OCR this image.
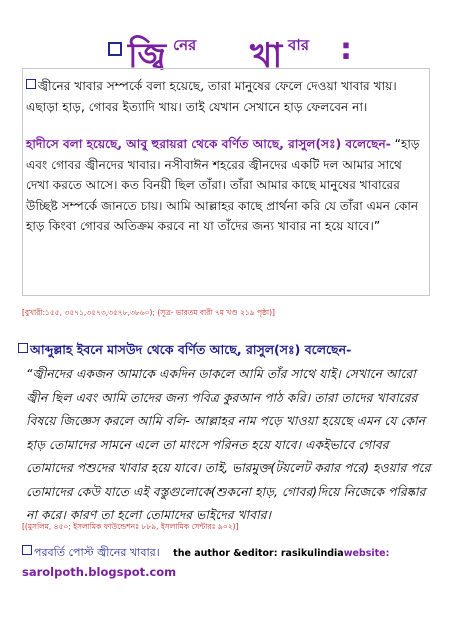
জ্বি নের খা বার :

জ্বীনের খাবার সম্পর্কে বলা হয়েছে, তারা মানুষের ফেলে দেওয়া খাবার খায়। এছাড়া হাড়, গোবর ইত্যাদি খায়। তাই যেখান সেখানে হাড় ফেলবেন না।

হাদীসে বলা হয়েছে, আবু হুরায়রা থেকে বর্ণিত আছে, রাসুল(সঃ) বলেছেন- “হাড় এবং গোবর জ্বীনদের খাবার। নসীবাঈন শহরের জ্বীনদের একটি দল আমার সাথে দেখা করতে আসে। কত বিনয়ী ছিল তাঁরা। তাঁরা আমার কাছে মানুষের খাবারের উচ্ছিষ্ট সম্পর্কে জানতে চায়। আমি আল্লাহর কাছে প্রার্থনা করি যে তাঁরা এমন কোন হাড় কিংবা গোবর অতিক্রম করবে না যা তাঁদের জন্য খাবার না হয়ে যাবে।”

[বুখারী:১৫৫, ৩৫৭১,৩৫৭৩,৩৫৭৮,৩৮৬০); (সূত্র- ভারতম বারী ৭ম খণ্ড ২১৯ পৃষ্ঠা)]
আব্দুল্লাহ ইবনে মাসউদ থেকে বর্ণিত আছে, রাসুল(সঃ) বলেছেন-

“জ্বীনদের একজন আমাকে একদিন ডাকলে আমি তাঁর সাথে যাই। সেখানে আরো জ্বীন ছিল এবং আমি তাদের জন্য পবিত্র কুরআন পাঠ করি। তারা তাদের খাবারের বিষয়ে জিজ্ঞেস করলে আমি বলি- আল্লাহর নাম পড়ে খাওয়া হয়েছে এমন যে কোন হাড় তোমাদের সামনে এলে তা মাংসে পরিনত হয়ে যাবে। একইভাবে গোবর তোমাদের পশুদের খাবার হয়ে যাবে। তাই, ভারমুক্ত(টয়লেট করার পরে) হওয়ার পরে তোমাদের কেউ যাতে এই বস্তুগুলোকে(শুকনো হাড়, গোবর)দিয়ে নিজেকে পরিষ্কার না করে। কারণ তা হলো তোমাদের ভাইদের খাবার।

[(মুসলিম, ৪৫০; ইসলামিক ফাউন্ডেশনঃ ৮৮৯, ইসলামিক সেন্টারঃ ৯০২)]
পরবর্তি পোস্ট জ্বীনের খাবার। the author &editor: rasikulindiawebsite:
sarolpoth.blogspot.com
